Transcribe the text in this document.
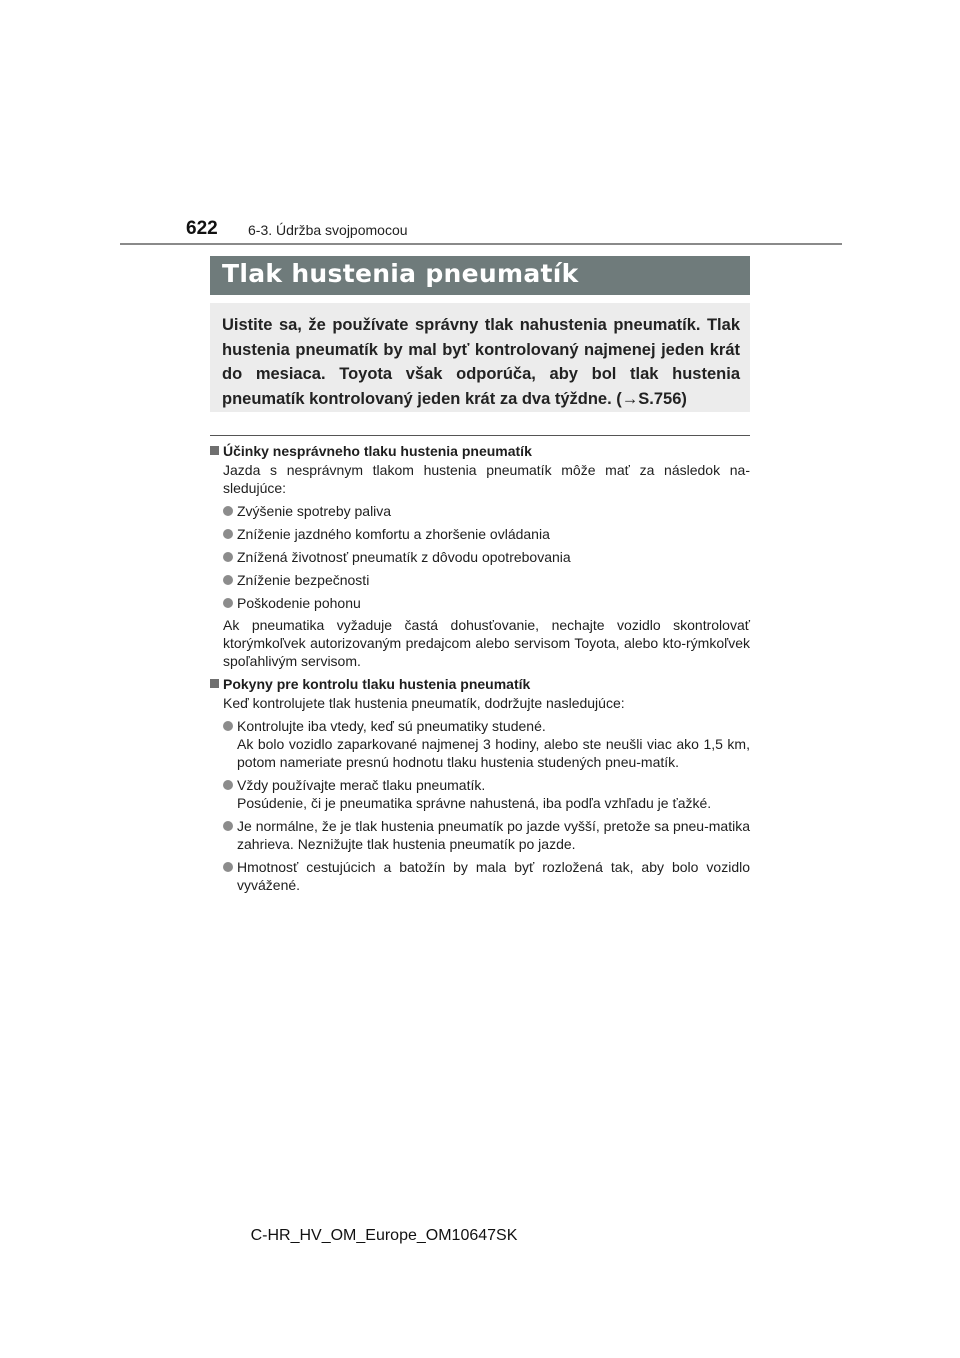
622 6-3. Údržba svojpomocou
Tlak hustenia pneumatík
Uistite sa, že používate správny tlak nahustenia pneumatík. Tlak hustenia pneumatík by mal byť kontrolovaný najmenej jeden krát do mesiaca. Toyota však odporúča, aby bol tlak hustenia pneumatík kontrolovaný jeden krát za dva týždne. (→S.756)
Účinky nesprávneho tlaku hustenia pneumatík
Jazda s nesprávnym tlakom hustenia pneumatík môže mať za následok na-sledujúce:
Zvýšenie spotreby paliva
Zníženie jazdného komfortu a zhoršenie ovládania
Znížená životnosť pneumatík z dôvodu opotrebovania
Zníženie bezpečnosti
Poškodenie pohonu
Ak pneumatika vyžaduje častá dohusťovanie, nechajte vozidlo skontrolovať ktorýmkoľvek autorizovaným predajcom alebo servisom Toyota, alebo kto-rýmkoľvek spoľahlivým servisom.
Pokyny pre kontrolu tlaku hustenia pneumatík
Keď kontrolujete tlak hustenia pneumatík, dodržujte nasledujúce:
Kontrolujte iba vtedy, keď sú pneumatiky studené.
Ak bolo vozidlo zaparkované najmenej 3 hodiny, alebo ste neušli viac ako 1,5 km, potom nameriate presnú hodnotu tlaku hustenia studených pneu-matík.
Vždy používajte merač tlaku pneumatík.
Posúdenie, či je pneumatika správne nahustená, iba podľa vzhľadu je ťažké.
Je normálne, že je tlak hustenia pneumatík po jazde vyšší, pretože sa pneu-matika zahrieva. Neznižujte tlak hustenia pneumatík po jazde.
Hmotnosť cestujúcich a batožín by mala byť rozložená tak, aby bolo vozidlo vyvážené.
C-HR_HV_OM_Europe_OM10647SK
